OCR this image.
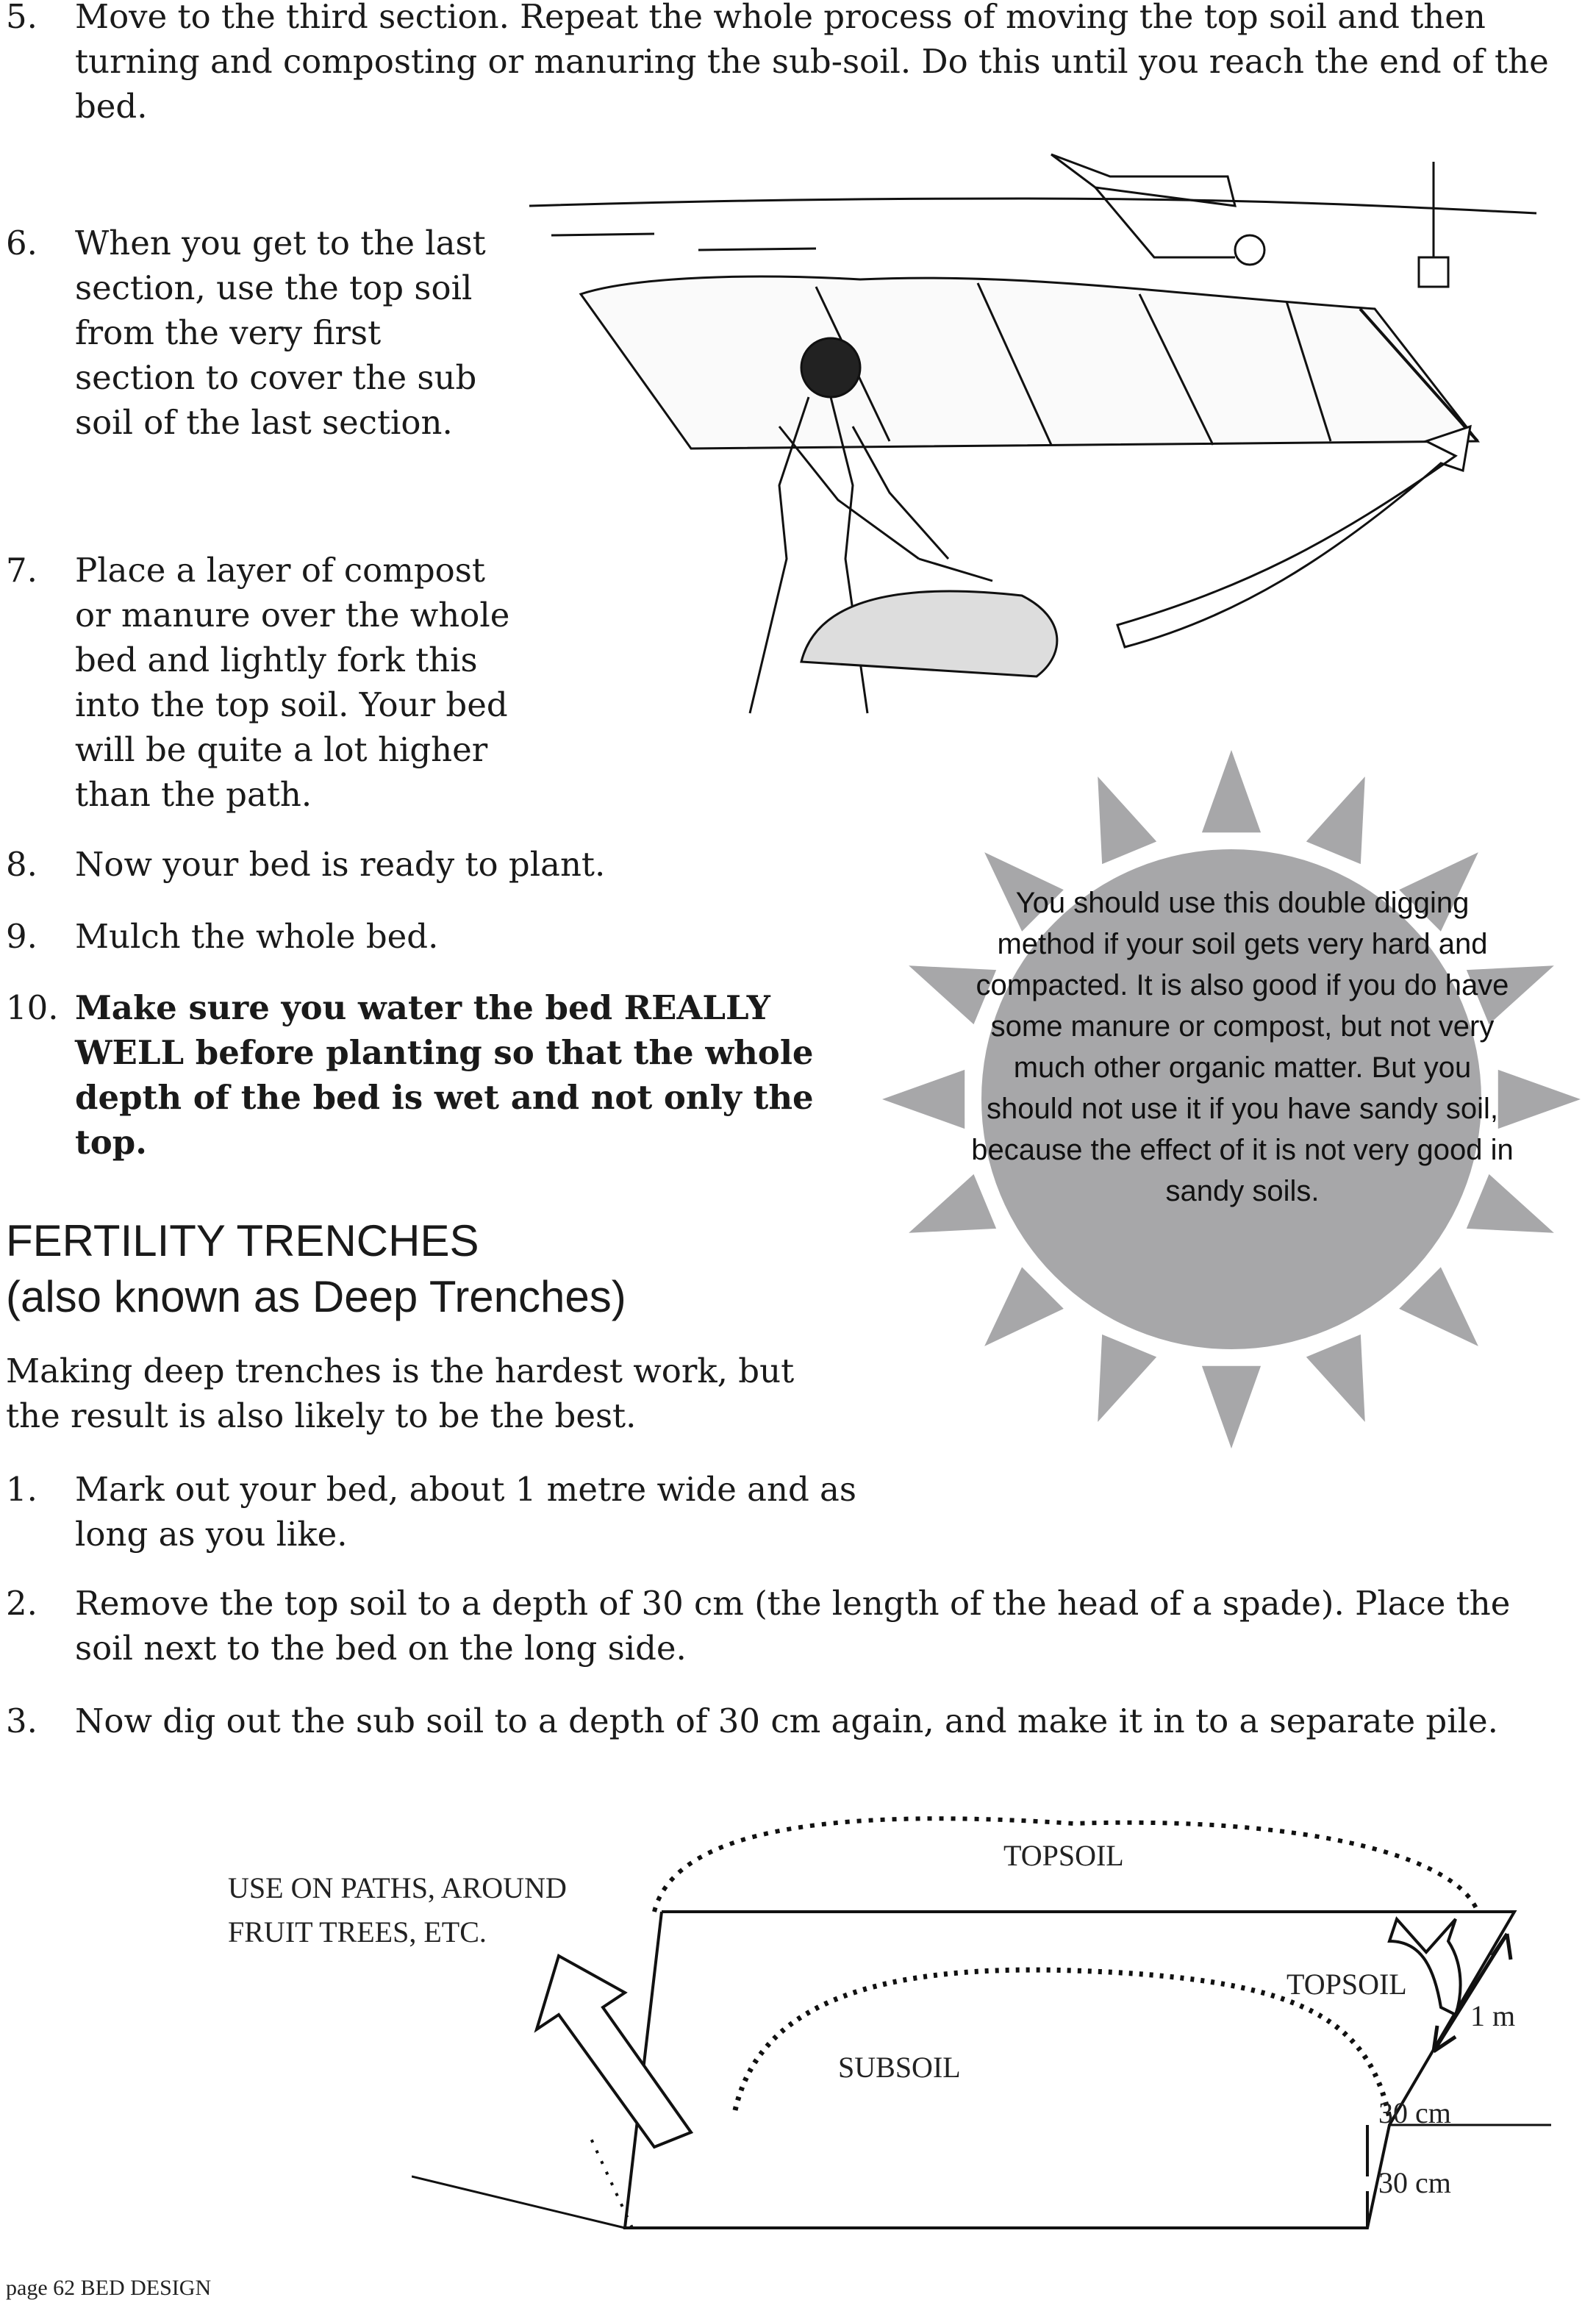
5.	Move to the third section. Repeat the whole process of moving the top soil and then turning and composting or manuring the sub-soil. Do this until you reach the end of the bed.
6.	When you get to the last section, use the top soil from the very first section to cover the sub soil of the last section.
7.	Place a layer of compost or manure over the whole bed and lightly fork this into the top soil. Your bed will be quite a lot higher than the path.
8.	Now your bed is ready to plant.
9.	Mulch the whole bed.
10. Make sure you water the bed REALLY WELL before planting so that the whole depth of the bed is wet and not only the top.
You should use this double digging method if your soil gets very hard and compacted. It is also good if you do have some manure or compost, but not very much other organic matter. But you should not use it if you have sandy soil, because the effect of it is not very good in sandy soils.
FERTILITY TRENCHES
(also known as Deep Trenches)
Making deep trenches is the hardest work, but the result is also likely to be the best.
1.	Mark out your bed, about 1 metre wide and as long as you like.
2.	Remove the top soil to a depth of 30 cm (the length of the head of a spade). Place the soil next to the bed on the long side.
3.	Now dig out the sub soil to a depth of 30 cm again, and make it in to a separate pile.
USE ON PATHS, AROUND FRUIT TREES, ETC.
TOPSOIL
TOPSOIL
SUBSOIL
1 m
30 cm
30 cm
page 62 BED DESIGN
